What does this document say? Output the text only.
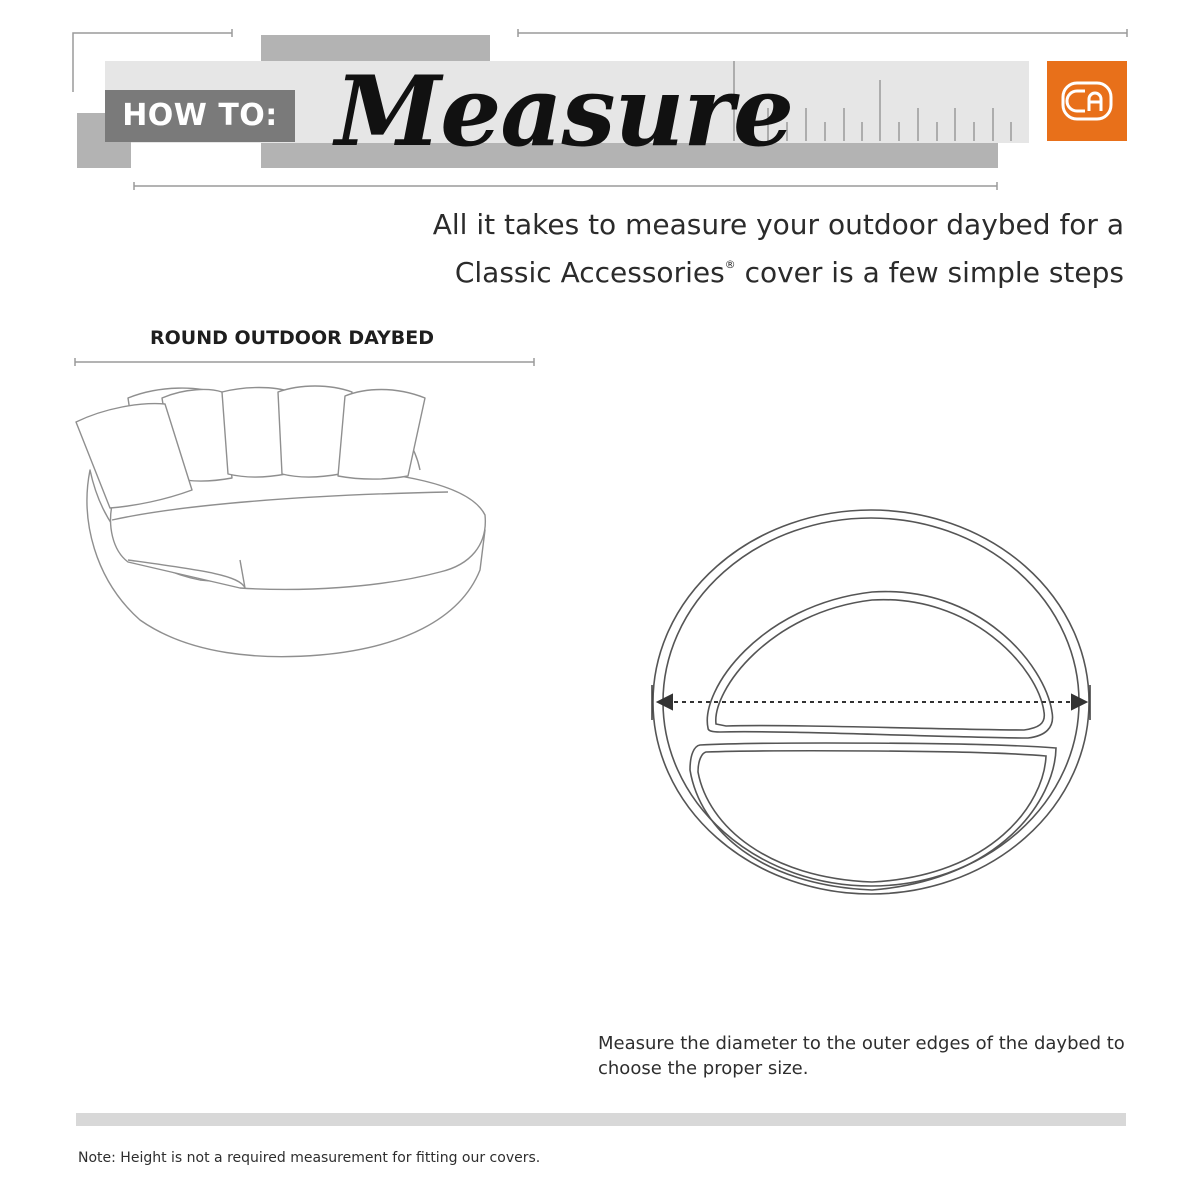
HOW TO: Measure
All it takes to measure your outdoor daybed for a
Classic Accessories® cover is a few simple steps
ROUND OUTDOOR DAYBED
Measure the diameter to the outer edges of the daybed to choose the proper size.
Note: Height is not a required measurement for fitting our covers.
